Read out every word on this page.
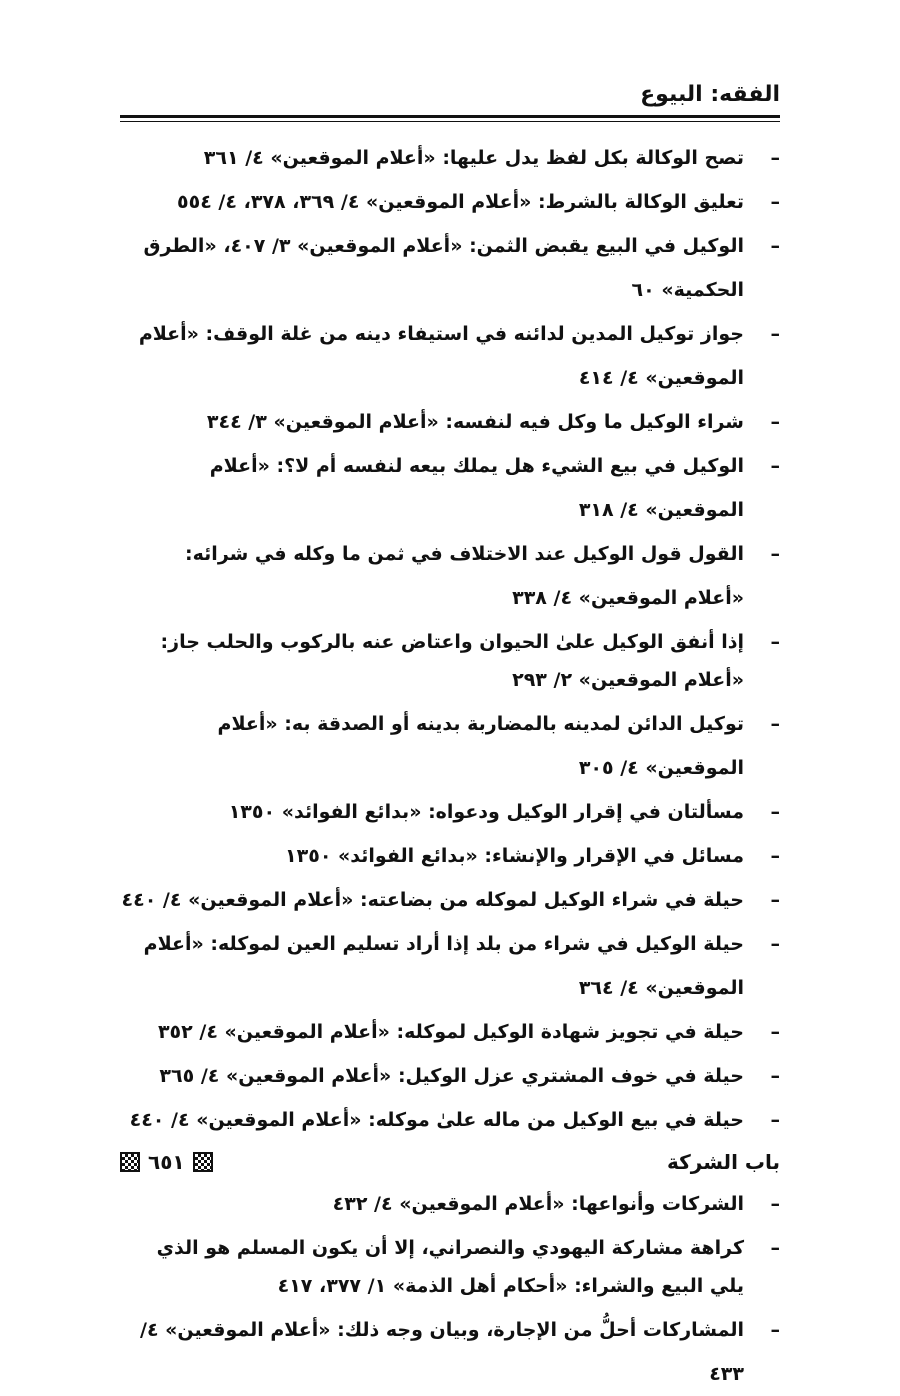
الفقه: البيوع
–
تصح الوكالة بكل لفظ يدل عليها: «أعلام الموقعين» ٤/ ٣٦١
–
تعليق الوكالة بالشرط: «أعلام الموقعين» ٤/ ٣٦٩، ٣٧٨، ٤/ ٥٥٤
–
الوكيل في البيع يقبض الثمن: «أعلام الموقعين» ٣/ ٤٠٧، «الطرق الحكمية» ٦٠
–
جواز توكيل المدين لدائنه في استيفاء دينه من غلة الوقف: «أعلام الموقعين» ٤/ ٤١٤
–
شراء الوكيل ما وكل فيه لنفسه: «أعلام الموقعين» ٣/ ٣٤٤
–
الوكيل في بيع الشيء هل يملك بيعه لنفسه أم لا؟: «أعلام الموقعين» ٤/ ٣١٨
–
القول قول الوكيل عند الاختلاف في ثمن ما وكله في شرائه: «أعلام الموقعين» ٤/ ٣٣٨
–
إذا أنفق الوكيل علىٰ الحيوان واعتاض عنه بالركوب والحلب جاز: «أعلام الموقعين» ٢/ ٢٩٣
–
توكيل الدائن لمدينه بالمضاربة بدينه أو الصدقة به: «أعلام الموقعين» ٤/ ٣٠٥
–
مسألتان في إقرار الوكيل ودعواه: «بدائع الفوائد» ١٣٥٠
–
مسائل في الإقرار والإنشاء: «بدائع الفوائد» ١٣٥٠
–
حيلة في شراء الوكيل لموكله من بضاعته: «أعلام الموقعين» ٤/ ٤٤٠
–
حيلة الوكيل في شراء من بلد إذا أراد تسليم العين لموكله: «أعلام الموقعين» ٤/ ٣٦٤
–
حيلة في تجويز شهادة الوكيل لموكله: «أعلام الموقعين» ٤/ ٣٥٢
–
حيلة في خوف المشتري عزل الوكيل: «أعلام الموقعين» ٤/ ٣٦٥
–
حيلة في بيع الوكيل من ماله علىٰ موكله: «أعلام الموقعين» ٤/ ٤٤٠
باب الشركة
–
الشركات وأنواعها: «أعلام الموقعين» ٤/ ٤٣٢
–
كراهة مشاركة اليهودي والنصراني، إلا أن يكون المسلم هو الذي يلي البيع والشراء: «أحكام أهل الذمة» ١/ ٣٧٧، ٤١٧
–
المشاركات أحلُّ من الإجارة، وبيان وجه ذلك: «أعلام الموقعين» ٤/ ٤٣٣
٦٥١
